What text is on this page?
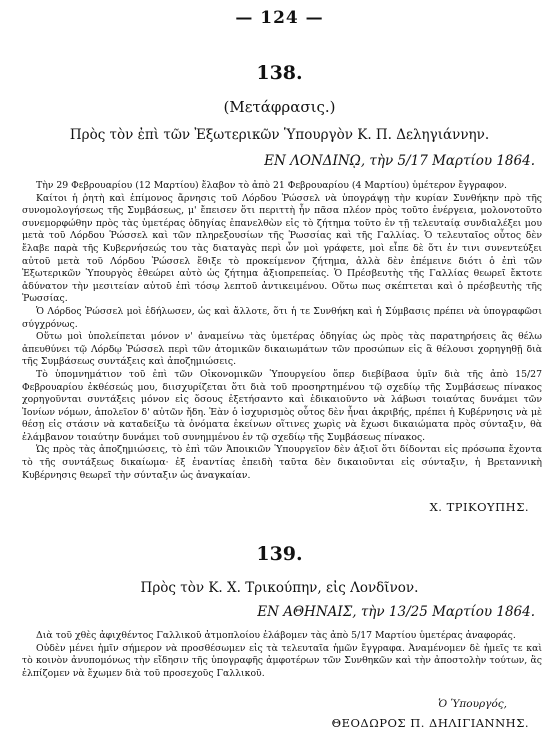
— 124 —
138.
(Μετάφρασις.)
Πρὸς τὸν ἐπὶ τῶν Ἐξωτερικῶν Ὑπουργὸν Κ. Π. Δεληγιάννην.
ΕΝ ΛΟΝΔΙΝῼ, τὴν 5/17 Μαρτίου 1864.

Τὴν 29 Φεβρουαρίου (12 Μαρτίου) ἔλαβον τὸ ἀπὸ 21 Φεβρουαρίου (4 Μαρτίου) ὑμέτερον ἔγγραφον.

Καίτοι ἡ ῥητὴ καὶ ἐπίμονος ἄρνησις τοῦ Λόρδου Ῥώσσελ νὰ ὑπογράψῃ τὴν κυρίαν Συνθήκην πρὸ τῆς συνομολογήσεως τῆς Συμβάσεως, μ' ἔπεισεν ὅτι περιττὴ ἦν πᾶσα πλέον πρὸς τοῦτο ἐνέργεια, μολονοτοῦτο συνεμορφώθην πρὸς τὰς ὑμετέρας ὁδηγίας ἐπανελθὼν εἰς τὸ ζήτημα τοῦτο ἐν τῇ τελευταίᾳ συνδιαλέξει μου μετὰ τοῦ Λόρδου Ῥώσσελ καὶ τῶν πληρεξουσίων τῆς Ῥωσσίας καὶ τῆς Γαλλίας. Ὁ τελευταῖος οὗτος δὲν ἔλαβε παρὰ τῆς Κυβερνήσεώς του τὰς διαταγὰς περὶ ὧν μοὶ γράφετε, μοὶ εἶπε δὲ ὅτι ἐν τινι συνεντεύξει αὐτοῦ μετὰ τοῦ Λόρδου Ῥώσσελ ἔθιξε τὸ προκείμενον ζήτημα, ἀλλὰ δὲν ἐπέμεινε διότι ὁ ἐπὶ τῶν Ἐξωτερικῶν Ὑπουργὸς ἐθεώρει αὐτὸ ὡς ζήτημα ἀξιοπρεπείας. Ὁ Πρέσβευτὴς τῆς Γαλλίας θεωρεῖ ἔκτοτε ἀδύνατον τὴν μεσιτείαν αὐτοῦ ἐπὶ τόσῳ λεπτοῦ ἀντικειμένου. Οὕτω πως σκέπτεται καὶ ὁ πρέσβευτὴς τῆς Ῥωσσίας.

Ὁ Λόρδος Ῥώσσελ μοὶ ἐδήλωσεν, ὡς καὶ ἄλλοτε, ὅτι ἡ τε Συνθήκη καὶ ἡ Σύμβασις πρέπει νὰ ὑπογραφῶσι σύγχρόνως.

Οὕτω μοὶ ὑπολείπεται μόνον ν' ἀναμείνω τὰς ὑμετέρας ὁδηγίας ὡς πρὸς τὰς παρατηρήσεις ἃς θέλω ἀπευθύνει τῷ Λόρδῳ Ῥώσσελ περὶ τῶν ἀτομικῶν δικαιωμάτων τῶν προσώπων εἰς ἃ θέλουσι χορηγηθῇ διὰ τῆς Συμβάσεως συντάξεις καὶ ἀποζημιώσεις.

Τὸ ὑπομνημάτιον τοῦ ἐπὶ τῶν Οἰκονομικῶν Ὑπουργείου ὅπερ διεβίβασα ὑμῖν διὰ τῆς ἀπὸ 15/27 Φεβρουαρίου ἐκθέσεώς μου, διισχυρίζεται ὅτι διὰ τοῦ προσηρτημένου τῷ σχεδίῳ τῆς Συμβάσεως πίνακος χορηγοῦνται συντάξεις μόνον εἰς ὅσους ἐξετήσαντο καὶ ἐδικαιοῦντο νὰ λάβωσι τοιαύτας δυνάμει τῶν Ἰονίων νόμων, ἀπολεῖον δ' αὐτῶν ἤδη. Ἐὰν ὁ ἰσχυρισμὸς οὗτος δὲν ἦναι ἀκριβής, πρέπει ἡ Κυβέρνησις νὰ μὲ θέσῃ εἰς στάσιν νὰ καταδείξω τὰ ὀνόματα ἐκείνων οἵτινες χωρὶς νὰ ἔχωσι δικαιώματα πρὸς σύνταξιν, θὰ ἐλάμβανον τοιαύτην δυνάμει τοῦ συνημμένου ἐν τῷ σχεδίῳ τῆς Συμβάσεως πίνακος.

Ὡς πρὸς τὰς ἀποζημιώσεις, τὸ ἐπὶ τῶν Ἀποικιῶν Ὑπουργεῖον δὲν ἀξιοῖ ὅτι δίδονται εἰς πρόσωπα ἔχοντα τὸ τῆς συντάξεως δικαίωμα· ἐξ ἐναντίας ἐπειδὴ ταῦτα δὲν δικαιοῦνται εἰς σύνταξιν, ἡ Βρεταννικὴ Κυβέρνησις θεωρεῖ τὴν σύνταξιν ὡς ἀναγκαίαν.

Χ. ΤΡΙΚΟΥΠΗΣ.
139.
Πρὸς τὸν Κ. Χ. Τρικούπην, εἰς Λονδῖνον.
ΕΝ ΑΘΗΝΑΙΣ, τὴν 13/25 Μαρτίου 1864.

Διὰ τοῦ χθὲς ἀφιχθέντος Γαλλικοῦ ἀτμοπλοίου ἐλάβομεν τὰς ἀπὸ 5/17 Μαρτίου ὑμετέρας ἀναφοράς.

Οὐδὲν μένει ἡμῖν σήμερον νὰ προσθέσωμεν εἰς τὰ τελευταῖα ἡμῶν ἔγγραφα. Ἀναμένομεν δὲ ἡμεῖς τε καὶ τὸ κοινὸν ἀνυπομόνως τὴν εἴδησιν τῆς ὑπογραφῆς ἀμφοτέρων τῶν Συνθηκῶν καὶ τὴν ἀποστολὴν τούτων, ἂς ἐλπίζομεν νὰ ἔχωμεν διὰ τοῦ προσεχοῦς Γαλλικοῦ.

Ὁ Ὑπουργός,
ΘΕΟΔΩΡΟΣ Π. ΔΗΛΙΓΙΑΝΝΗΣ.
